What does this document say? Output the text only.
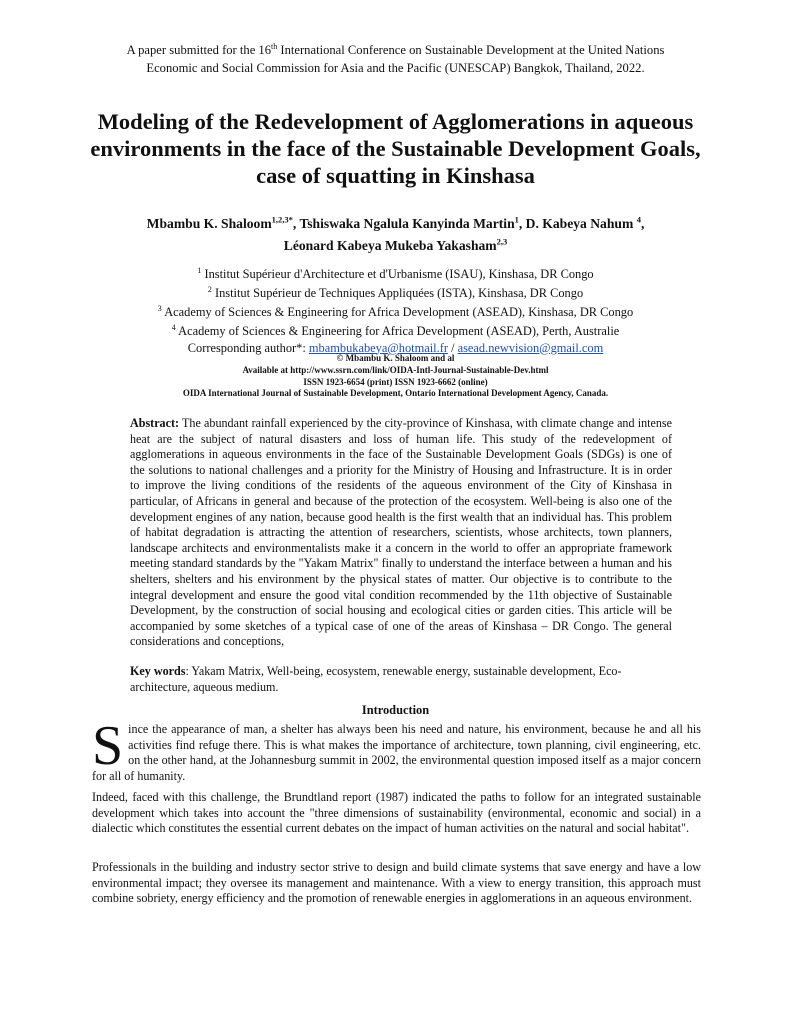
A paper submitted for the 16th International Conference on Sustainable Development at the United Nations
Economic and Social Commission for Asia and the Pacific (UNESCAP) Bangkok, Thailand, 2022.
Modeling of the Redevelopment of Agglomerations in aqueous environments in the face of the Sustainable Development Goals, case of squatting in Kinshasa
Mbambu K. Shaloom$^{1,2,3*}$, Tshiswaka Ngalula Kanyinda Martin$^1$, D. Kabeya Nahum $^4$,
Léonard Kabeya Mukeba Yakasham$^{2,3}$
$^1$ Institut Supérieur d'Architecture et d'Urbanisme (ISAU), Kinshasa, DR Congo
$^2$ Institut Supérieur de Techniques Appliquées (ISTA), Kinshasa, DR Congo
$^3$ Academy of Sciences & Engineering for Africa Development (ASEAD), Kinshasa, DR Congo
$^4$ Academy of Sciences & Engineering for Africa Development (ASEAD), Perth, Australie
Corresponding author*: mbambukabeya@hotmail.fr / asead.newvision@gmail.com
© Mbambu K. Shaloom and al
Available at http://www.ssrn.com/link/OIDA-Intl-Journal-Sustainable-Dev.html
ISSN 1923-6654 (print) ISSN 1923-6662 (online)
OIDA International Journal of Sustainable Development, Ontario International Development Agency, Canada.

Abstract: The abundant rainfall experienced by the city-province of Kinshasa, with climate change and intense heat are the subject of natural disasters and loss of human life. This study of the redevelopment of agglomerations in aqueous environments in the face of the Sustainable Development Goals (SDGs) is one of the solutions to national challenges and a priority for the Ministry of Housing and Infrastructure. It is in order to improve the living conditions of the residents of the aqueous environment of the City of Kinshasa in particular, of Africans in general and because of the protection of the ecosystem. Well-being is also one of the development engines of any nation, because good health is the first wealth that an individual has. This problem of habitat degradation is attracting the attention of researchers, scientists, whose architects, town planners, landscape architects and environmentalists make it a concern in the world to offer an appropriate framework meeting standard standards by the "Yakam Matrix" finally to understand the interface between a human and his shelters, shelters and his environment by the physical states of matter. Our objective is to contribute to the integral development and ensure the good vital condition recommended by the 11th objective of Sustainable Development, by the construction of social housing and ecological cities or garden cities. This article will be accompanied by some sketches of a typical case of one of the areas of Kinshasa – DR Congo. The general considerations and conceptions,

Key words: Yakam Matrix, Well-being, ecosystem, renewable energy, sustainable development, Eco-architecture, aqueous medium.

Introduction

Since the appearance of man, a shelter has always been his need and nature, his environment, because he and all his activities find refuge there. This is what makes the importance of architecture, town planning, civil engineering, etc. on the other hand, at the Johannesburg summit in 2002, the environmental question imposed itself as a major concern for all of humanity.

Indeed, faced with this challenge, the Brundtland report (1987) indicated the paths to follow for an integrated sustainable development which takes into account the "three dimensions of sustainability (environmental, economic and social) in a dialectic which constitutes the essential current debates on the impact of human activities on the natural and social habitat".

Professionals in the building and industry sector strive to design and build climate systems that save energy and have a low environmental impact; they oversee its management and maintenance. With a view to energy transition, this approach must combine sobriety, energy efficiency and the promotion of renewable energies in agglomerations in an aqueous environment.
